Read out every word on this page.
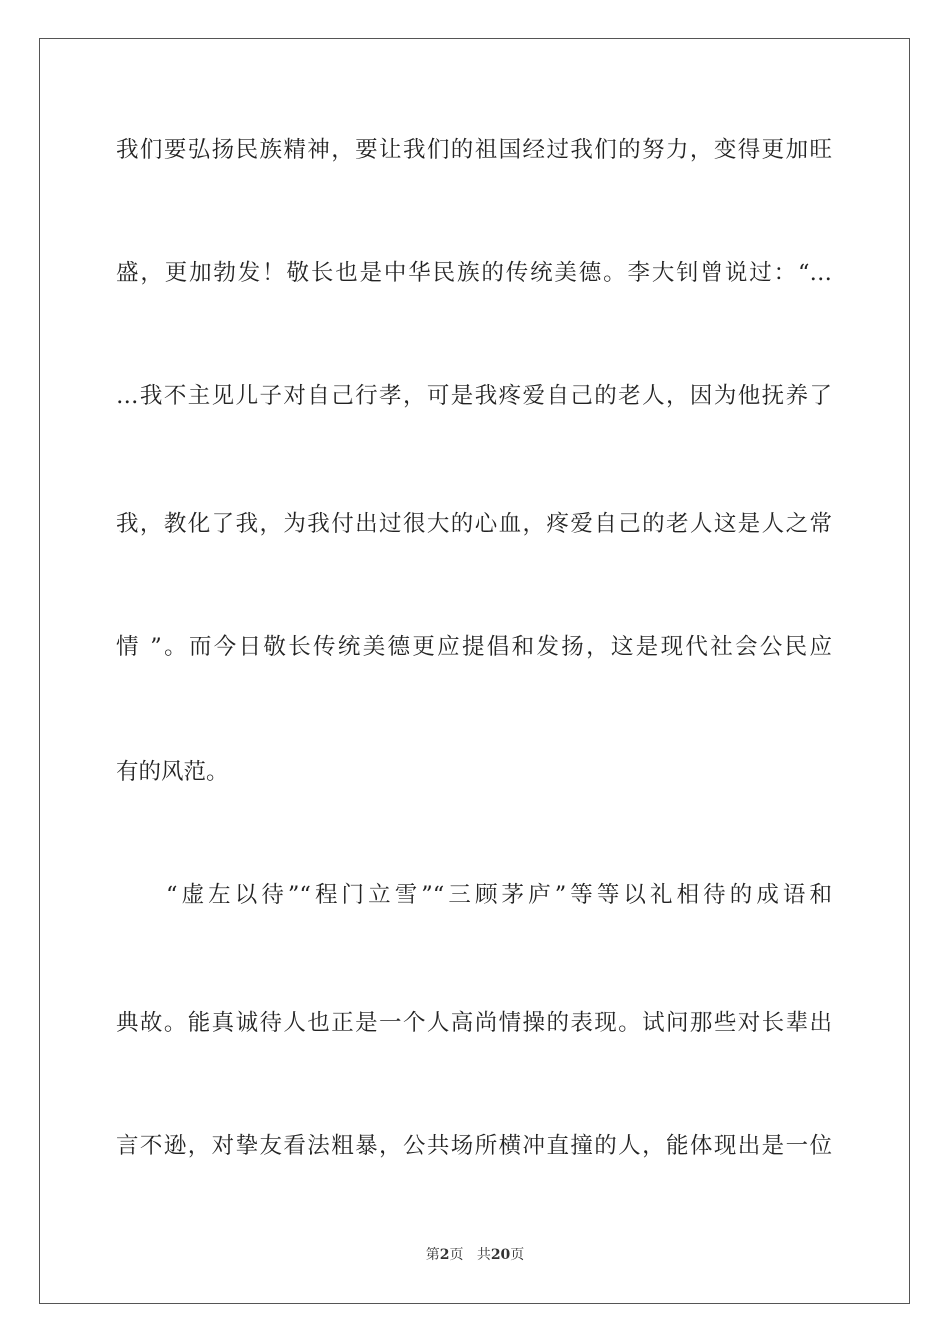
我们要弘扬民族精神，要让我们的祖国经过我们的努力，变得更加旺
盛，更加勃发！敬长也是中华民族的传统美德。李大钊曾说过：“…
…我不主见儿子对自己行孝，可是我疼爱自己的老人，因为他抚养了
我，教化了我，为我付出过很大的心血，疼爱自己的老人这是人之常
情 ”。而今日敬长传统美德更应提倡和发扬，这是现代社会公民应
有的风范。
“虚左以待”“程门立雪”“三顾茅庐”等等以礼相待的成语和
典故。能真诚待人也正是一个人高尚情操的表现。试问那些对长辈出
言不逊，对挚友看法粗暴，公共场所横冲直撞的人，能体现出是一位
第2页 共20页
